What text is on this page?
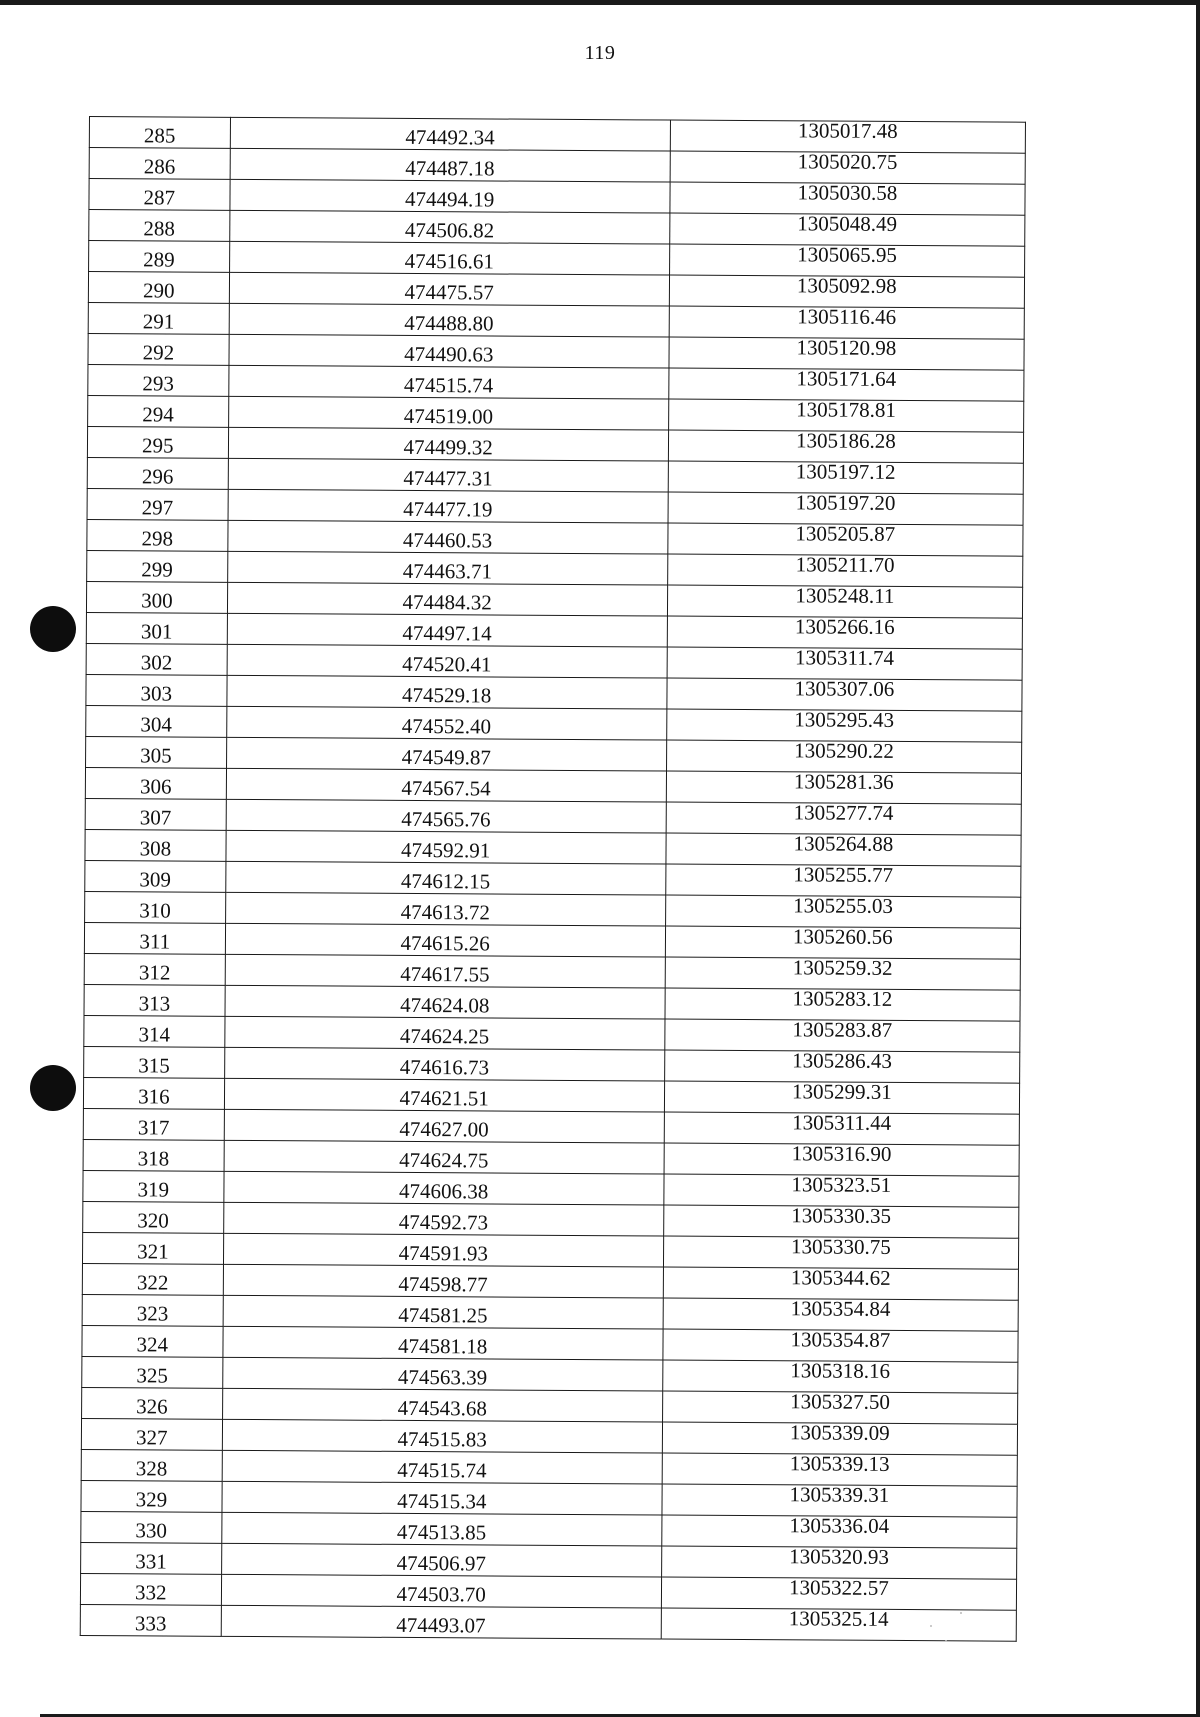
119
285	474492.34	1305017.48
286	474487.18	1305020.75
287	474494.19	1305030.58
288	474506.82	1305048.49
289	474516.61	1305065.95
290	474475.57	1305092.98
291	474488.80	1305116.46
292	474490.63	1305120.98
293	474515.74	1305171.64
294	474519.00	1305178.81
295	474499.32	1305186.28
296	474477.31	1305197.12
297	474477.19	1305197.20
298	474460.53	1305205.87
299	474463.71	1305211.70
300	474484.32	1305248.11
301	474497.14	1305266.16
302	474520.41	1305311.74
303	474529.18	1305307.06
304	474552.40	1305295.43
305	474549.87	1305290.22
306	474567.54	1305281.36
307	474565.76	1305277.74
308	474592.91	1305264.88
309	474612.15	1305255.77
310	474613.72	1305255.03
311	474615.26	1305260.56
312	474617.55	1305259.32
313	474624.08	1305283.12
314	474624.25	1305283.87
315	474616.73	1305286.43
316	474621.51	1305299.31
317	474627.00	1305311.44
318	474624.75	1305316.90
319	474606.38	1305323.51
320	474592.73	1305330.35
321	474591.93	1305330.75
322	474598.77	1305344.62
323	474581.25	1305354.84
324	474581.18	1305354.87
325	474563.39	1305318.16
326	474543.68	1305327.50
327	474515.83	1305339.09
328	474515.74	1305339.13
329	474515.34	1305339.31
330	474513.85	1305336.04
331	474506.97	1305320.93
332	474503.70	1305322.57
333	474493.07	1305325.14
